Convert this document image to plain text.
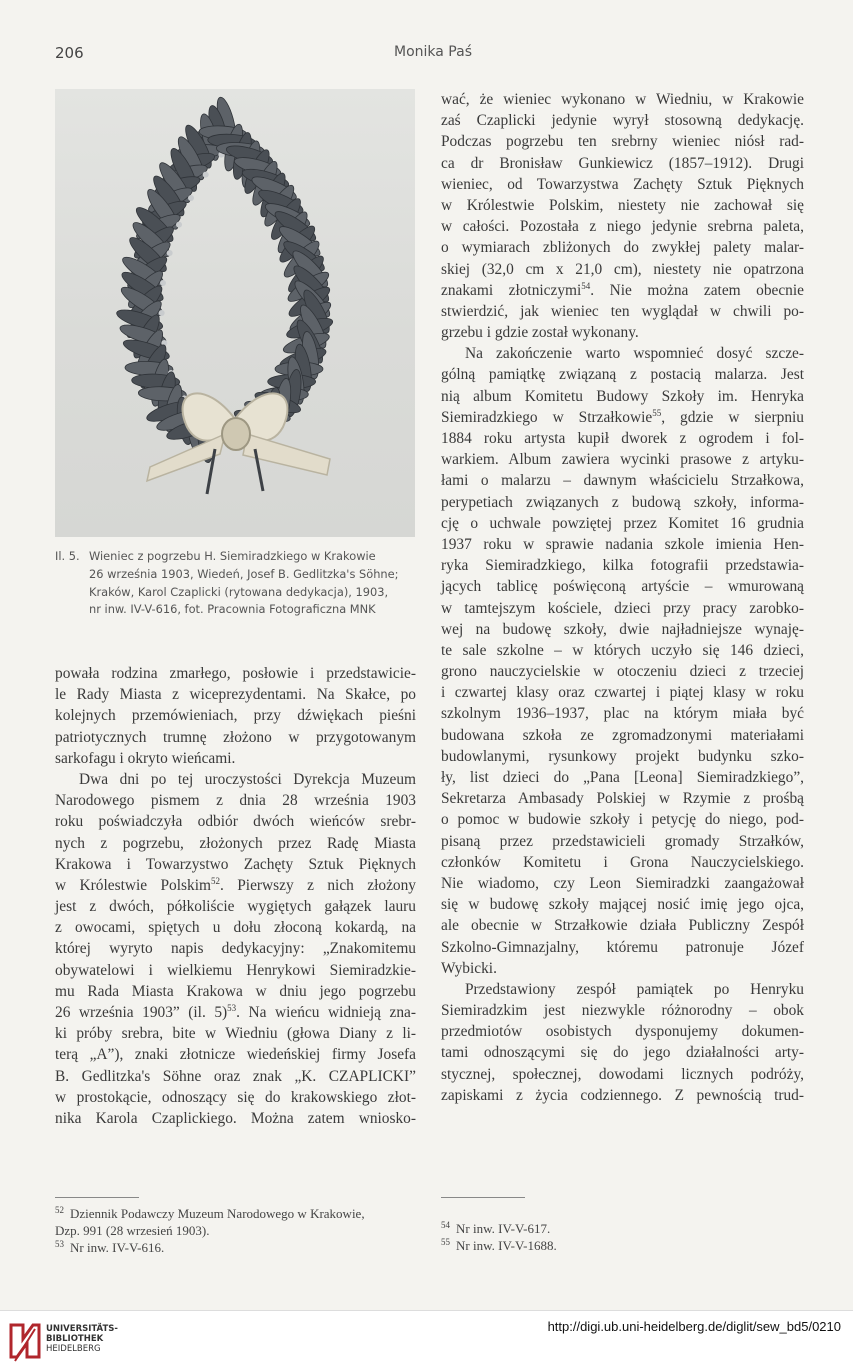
206	Monika Paś
Il. 5. Wieniec z pogrzebu H. Siemiradzkiego w Krakowie
26 września 1903, Wiedeń, Josef B. Gedlitzka's Söhne;
Kraków, Karol Czaplicki (rytowana dedykacja), 1903,
nr inw. IV-V-616, fot. Pracownia Fotograficzna MNK
powała rodzina zmarłego, posłowie i przedstawicie-
le Rady Miasta z wiceprezydentami. Na Skałce, po
kolejnych przemówieniach, przy dźwiękach pieśni
patriotycznych trumnę złożono w przygotowanym
sarkofagu i okryto wieńcami.
Dwa dni po tej uroczystości Dyrekcja Muzeum
Narodowego pismem z dnia 28 września 1903
roku poświadczyła odbiór dwóch wieńców srebr-
nych z pogrzebu, złożonych przez Radę Miasta
Krakowa i Towarzystwo Zachęty Sztuk Pięknych
w Królestwie Polskim$^{52}$. Pierwszy z nich złożony
jest z dwóch, półkoliście wygiętych gałązek lauru
z owocami, spiętych u dołu złoconą kokardą, na
której wyryto napis dedykacyjny: „Znakomitemu
obywatelowi i wielkiemu Henrykowi Siemiradzkie-
mu Rada Miasta Krakowa w dniu jego pogrzebu
26 września 1903” (il. 5)$^{53}$. Na wieńcu widnieją zna-
ki próby srebra, bite w Wiedniu (głowa Diany z li-
terą „A”), znaki złotnicze wiedeńskiej firmy Josefa
B. Gedlitzka's Söhne oraz znak „K. CZAPLICKI”
w prostokącie, odnoszący się do krakowskiego złot-
nika Karola Czaplickiego. Można zatem wniosko-
wać, że wieniec wykonano w Wiedniu, w Krakowie
zaś Czaplicki jedynie wyrył stosowną dedykację.
Podczas pogrzebu ten srebrny wieniec niósł rad-
ca dr Bronisław Gunkiewicz (1857–1912). Drugi
wieniec, od Towarzystwa Zachęty Sztuk Pięknych
w Królestwie Polskim, niestety nie zachował się
w całości. Pozostała z niego jedynie srebrna paleta,
o wymiarach zbliżonych do zwykłej palety malar-
skiej (32,0 cm x 21,0 cm), niestety nie opatrzona
znakami złotniczymi$^{54}$. Nie można zatem obecnie
stwierdzić, jak wieniec ten wyglądał w chwili po-
grzebu i gdzie został wykonany.
Na zakończenie warto wspomnieć dosyć szcze-
gólną pamiątkę związaną z postacią malarza. Jest
nią album Komitetu Budowy Szkoły im. Henryka
Siemiradzkiego w Strzałkowie$^{55}$, gdzie w sierpniu
1884 roku artysta kupił dworek z ogrodem i fol-
warkiem. Album zawiera wycinki prasowe z artyku-
łami o malarzu – dawnym właścicielu Strzałkowa,
perypetiach związanych z budową szkoły, informa-
cję o uchwale powziętej przez Komitet 16 grudnia
1937 roku w sprawie nadania szkole imienia Hen-
ryka Siemiradzkiego, kilka fotografii przedstawia-
jących tablicę poświęconą artyście – wmurowaną
w tamtejszym kościele, dzieci przy pracy zarobko-
wej na budowę szkoły, dwie najładniejsze wynaję-
te sale szkolne – w których uczyło się 146 dzieci,
grono nauczycielskie w otoczeniu dzieci z trzeciej
i czwartej klasy oraz czwartej i piątej klasy w roku
szkolnym 1936–1937, plac na którym miała być
budowana szkoła ze zgromadzonymi materiałami
budowlanymi, rysunkowy projekt budynku szko-
ły, list dzieci do „Pana [Leona] Siemiradzkiego”,
Sekretarza Ambasady Polskiej w Rzymie z prośbą
o pomoc w budowie szkoły i petycję do niego, pod-
pisaną przez przedstawicieli gromady Strzałków,
członków Komitetu i Grona Nauczycielskiego.
Nie wiadomo, czy Leon Siemiradzki zaangażował
się w budowę szkoły mającej nosić imię jego ojca,
ale obecnie w Strzałkowie działa Publiczny Zespół
Szkolno-Gimnazjalny, któremu patronuje Józef
Wybicki.
Przedstawiony zespół pamiątek po Henryku
Siemiradzkim jest niezwykle różnorodny – obok
przedmiotów osobistych dysponujemy dokumen-
tami odnoszącymi się do jego działalności arty-
stycznej, społecznej, dowodami licznych podróży,
zapiskami z życia codziennego. Z pewnością trud-
$^{52}$ Dziennik Podawczy Muzeum Narodowego w Krakowie,
Dzp. 991 (28 wrzesień 1903).
$^{53}$ Nr inw. IV-V-616.
$^{54}$ Nr inw. IV-V-617.
$^{55}$ Nr inw. IV-V-1688.
UNIVERSITÄTS-
BIBLIOTHEK
HEIDELBERG
http://digi.ub.uni-heidelberg.de/diglit/sew_bd5/0210
